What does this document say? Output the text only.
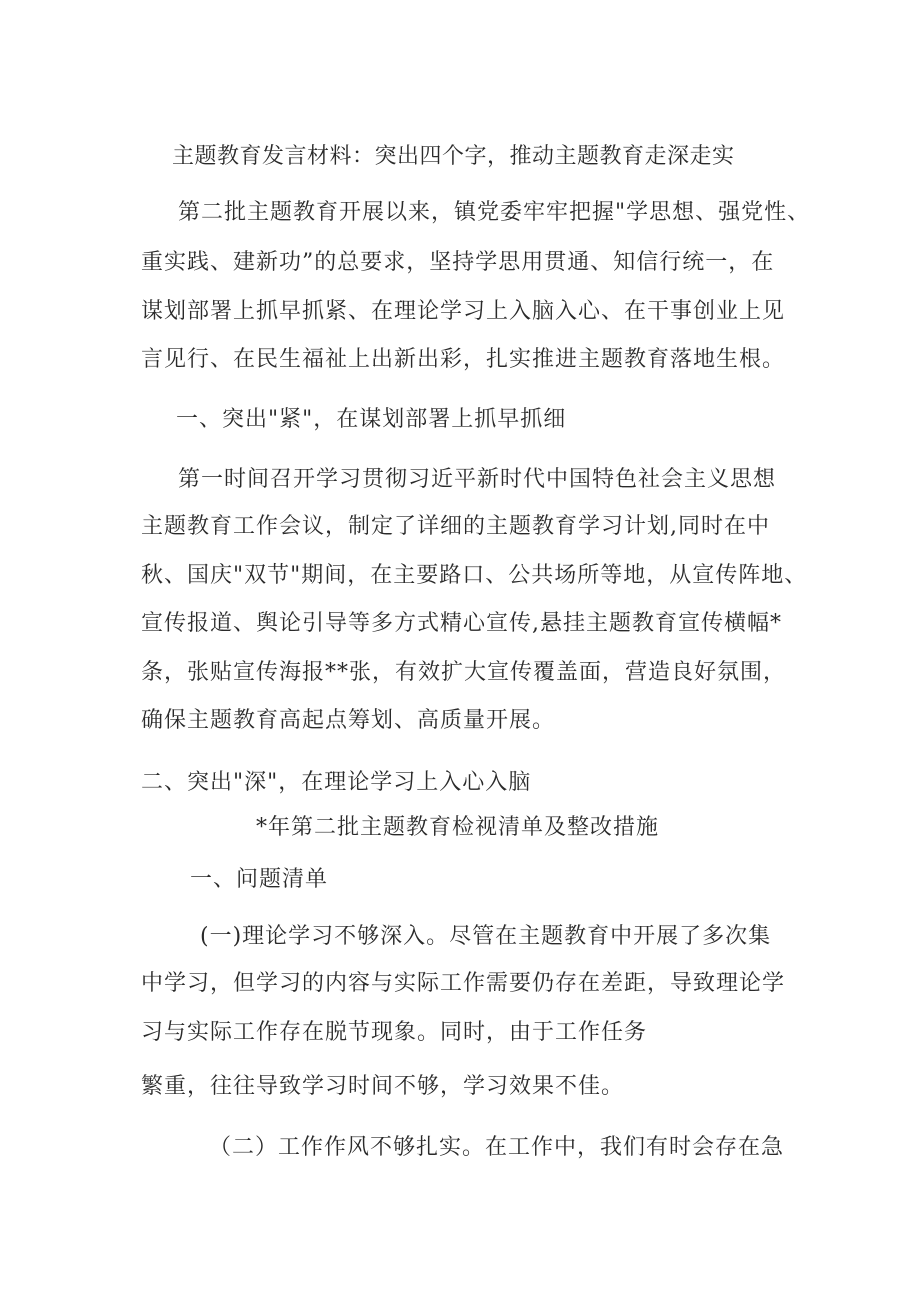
主题教育发言材料：突出四个字，推动主题教育走深走实

第二批主题教育开展以来，镇党委牢牢把握"学思想、强党性、

重实践、建新功”的总要求，坚持学思用贯通、知信行统一，在

谋划部署上抓早抓紧、在理论学习上入脑入心、在干事创业上见

言见行、在民生福祉上出新出彩，扎实推进主题教育落地生根。

一、突出"紧"，在谋划部署上抓早抓细

第一时间召开学习贯彻习近平新时代中国特色社会主义思想

主题教育工作会议，制定了详细的主题教育学习计划,同时在中

秋、国庆"双节"期间，在主要路口、公共场所等地，从宣传阵地、

宣传报道、舆论引导等多方式精心宣传,悬挂主题教育宣传横幅*

条，张贴宣传海报**张，有效扩大宣传覆盖面，营造良好氛围，

确保主题教育高起点筹划、高质量开展。

二、突出"深"，在理论学习上入心入脑

*年第二批主题教育检视清单及整改措施

一、问题清单

(一)理论学习不够深入。尽管在主题教育中开展了多次集

中学习，但学习的内容与实际工作需要仍存在差距，导致理论学

习与实际工作存在脱节现象。同时，由于工作任务

繁重，往往导致学习时间不够，学习效果不佳。

（二）工作作风不够扎实。在工作中，我们有时会存在急
